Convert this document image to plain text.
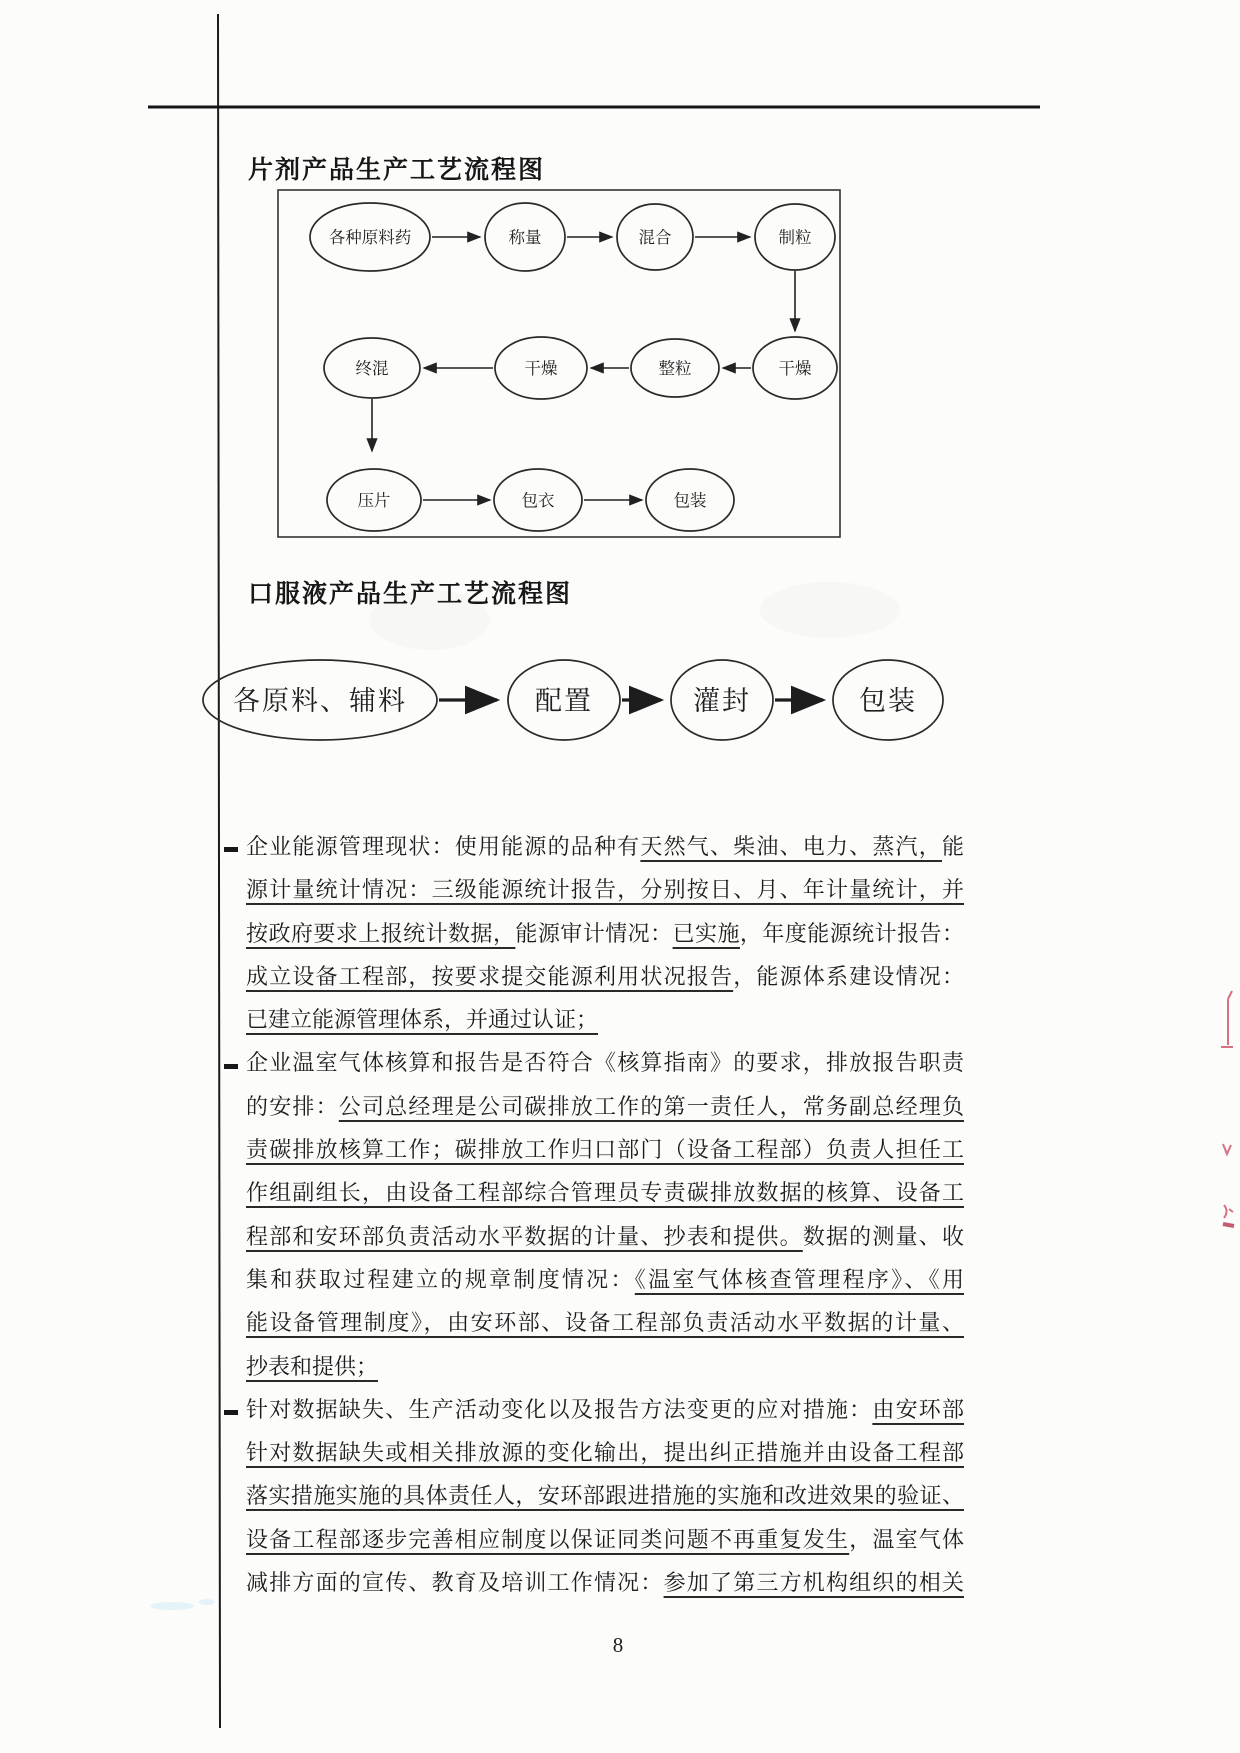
片剂产品生产工艺流程图
各种原料药	称量	混合	制粒
终混	干燥	整粒	干燥
压片	包衣	包装
口服液产品生产工艺流程图
各原料、辅料	配置	灌封	包装
企业能源管理现状：使用能源的品种有天然气、柴油、电力、蒸汽，能
源计量统计情况：三级能源统计报告，分别按日、月、年计量统计，并
按政府要求上报统计数据，能源审计情况：已实施，年度能源统计报告：
成立设备工程部，按要求提交能源利用状况报告，能源体系建设情况：
已建立能源管理体系，并通过认证；
企业温室气体核算和报告是否符合《核算指南》的要求，排放报告职责
的安排：公司总经理是公司碳排放工作的第一责任人，常务副总经理负
责碳排放核算工作；碳排放工作归口部门（设备工程部）负责人担任工
作组副组长，由设备工程部综合管理员专责碳排放数据的核算、设备工
程部和安环部负责活动水平数据的计量、抄表和提供。数据的测量、收
集和获取过程建立的规章制度情况：《温室气体核查管理程序》、《用
能设备管理制度》，由安环部、设备工程部负责活动水平数据的计量、
抄表和提供；
针对数据缺失、生产活动变化以及报告方法变更的应对措施：由安环部
针对数据缺失或相关排放源的变化输出，提出纠正措施并由设备工程部
落实措施实施的具体责任人，安环部跟进措施的实施和改进效果的验证、
设备工程部逐步完善相应制度以保证同类问题不再重复发生，温室气体
减排方面的宣传、教育及培训工作情况：参加了第三方机构组织的相关
8
